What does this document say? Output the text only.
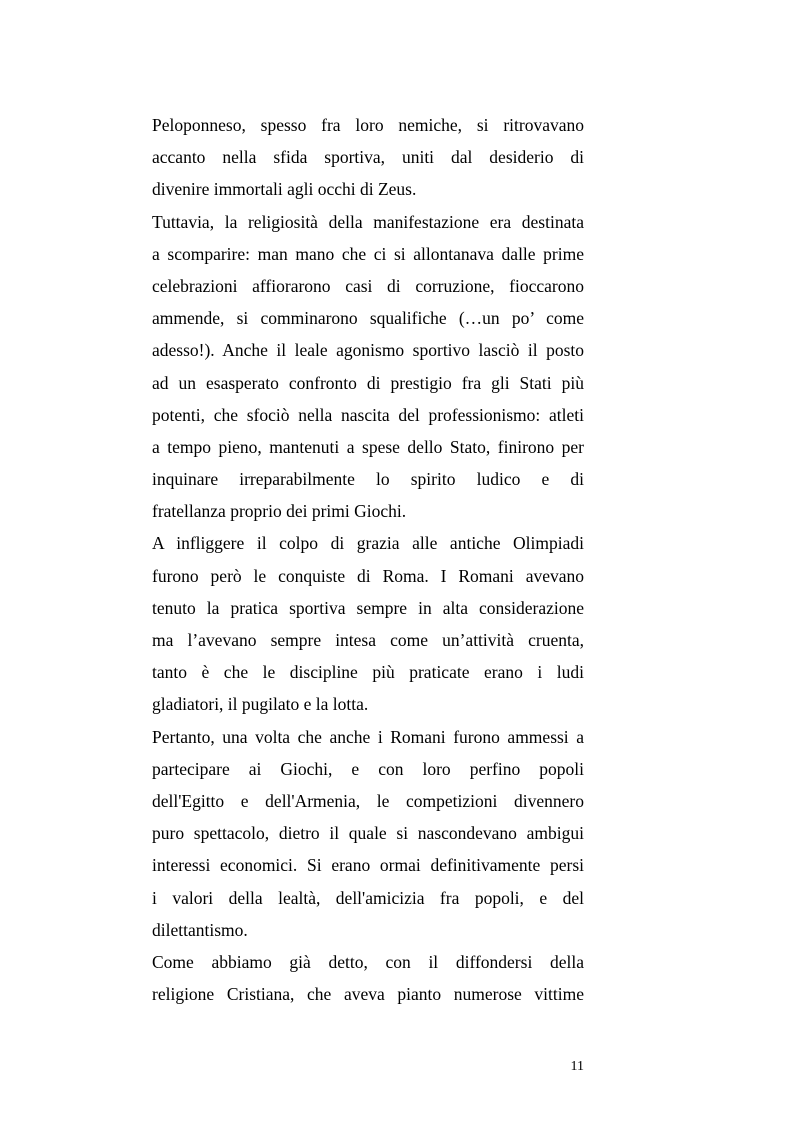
Peloponneso, spesso fra loro nemiche, si ritrovavano
accanto nella sfida sportiva, uniti dal desiderio di
divenire immortali agli occhi di Zeus.
Tuttavia, la religiosità della manifestazione era destinata
a scomparire: man mano che ci si allontanava dalle prime
celebrazioni affiorarono casi di corruzione, fioccarono
ammende, si comminarono squalifiche (…un po’ come
adesso!). Anche il leale agonismo sportivo lasciò il posto
ad un esasperato confronto di prestigio fra gli Stati più
potenti, che sfociò nella nascita del professionismo: atleti
a tempo pieno, mantenuti a spese dello Stato, finirono per
inquinare irreparabilmente lo spirito ludico e di
fratellanza proprio dei primi Giochi.
A infliggere il colpo di grazia alle antiche Olimpiadi
furono però le conquiste di Roma. I Romani avevano
tenuto la pratica sportiva sempre in alta considerazione
ma l’avevano sempre intesa come un’attività cruenta,
tanto è che le discipline più praticate erano i ludi
gladiatori, il pugilato e la lotta.
Pertanto, una volta che anche i Romani furono ammessi a
partecipare ai Giochi, e con loro perfino popoli
dell'Egitto e dell'Armenia, le competizioni divennero
puro spettacolo, dietro il quale si nascondevano ambigui
interessi economici. Si erano ormai definitivamente persi
i valori della lealtà, dell'amicizia fra popoli, e del
dilettantismo.
Come abbiamo già detto, con il diffondersi della
religione Cristiana, che aveva pianto numerose vittime
11
